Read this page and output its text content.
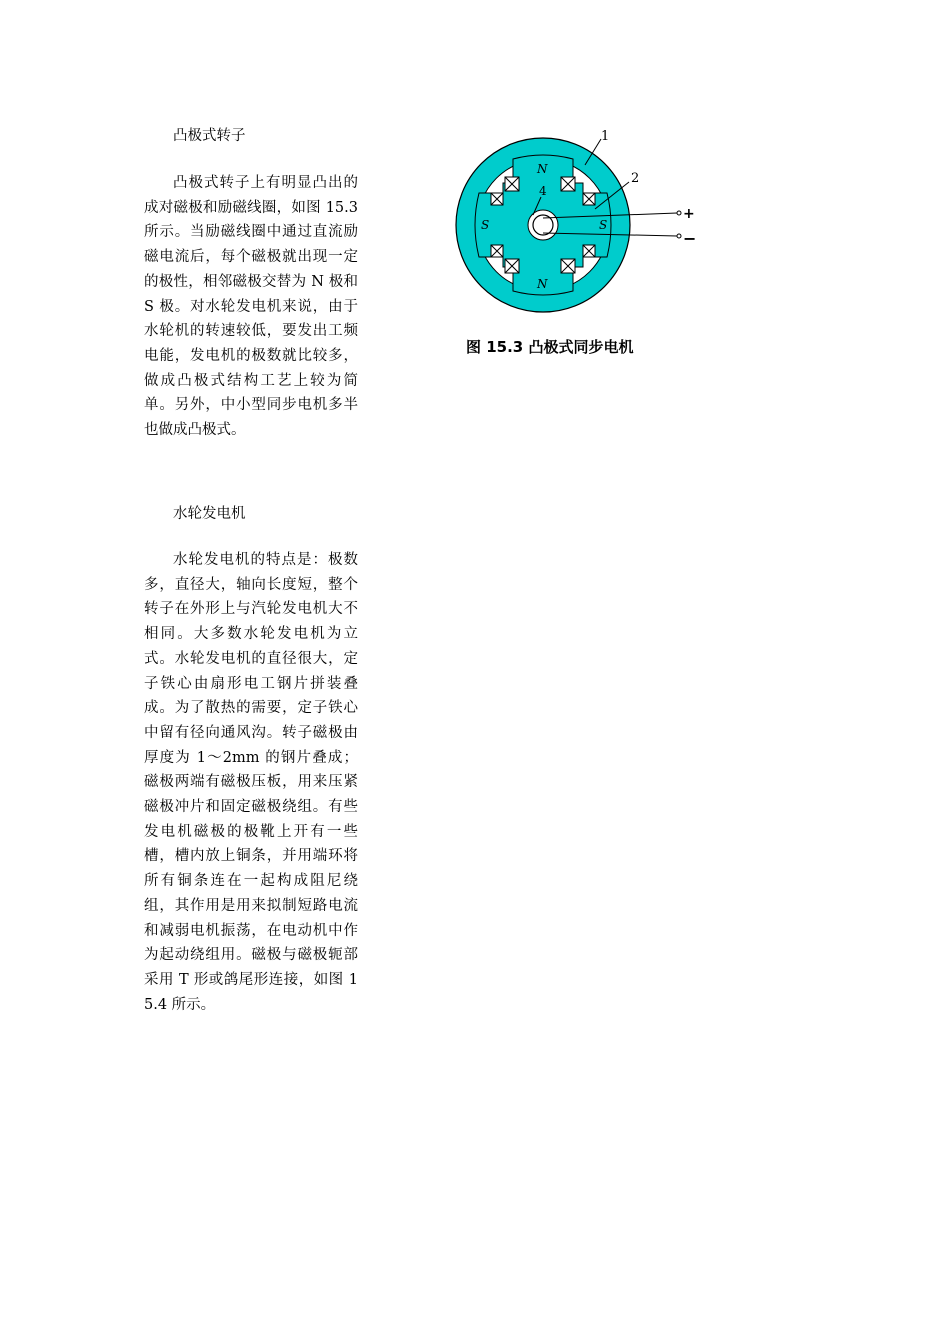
凸极式转子

凸极式转子上有明显凸出的成对磁极和励磁线圈，如图 15.3 所示。当励磁线圈中通过直流励磁电流后，每个磁极就出现一定的极性，相邻磁极交替为 N 极和 S 极。对水轮发电机来说，由于水轮机的转速较低，要发出工频电能，发电机的极数就比较多，做成凸极式结构工艺上较为简单。另外，中小型同步电机多半也做成凸极式。

水轮发电机

水轮发电机的特点是：极数多，直径大，轴向长度短，整个转子在外形上与汽轮发电机大不相同。大多数水轮发电机为立式。水轮发电机的直径很大，定子铁心由扇形电工钢片拼装叠成。为了散热的需要，定子铁心中留有径向通风沟。转子磁极由厚度为 1～2mm 的钢片叠成；磁极两端有磁极压板，用来压紧磁极冲片和固定磁极绕组。有些发电机磁极的极靴上开有一些槽，槽内放上铜条，并用端环将所有铜条连在一起构成阻尼绕组，其作用是用来拟制短路电流和减弱电机振荡，在电动机中作为起动绕组用。磁极与磁极轭部采用 T 形或鸽尾形连接，如图 15.4 所示。

N
N
S	S
1
2
4
+
−
图 15.3 凸极式同步电机
